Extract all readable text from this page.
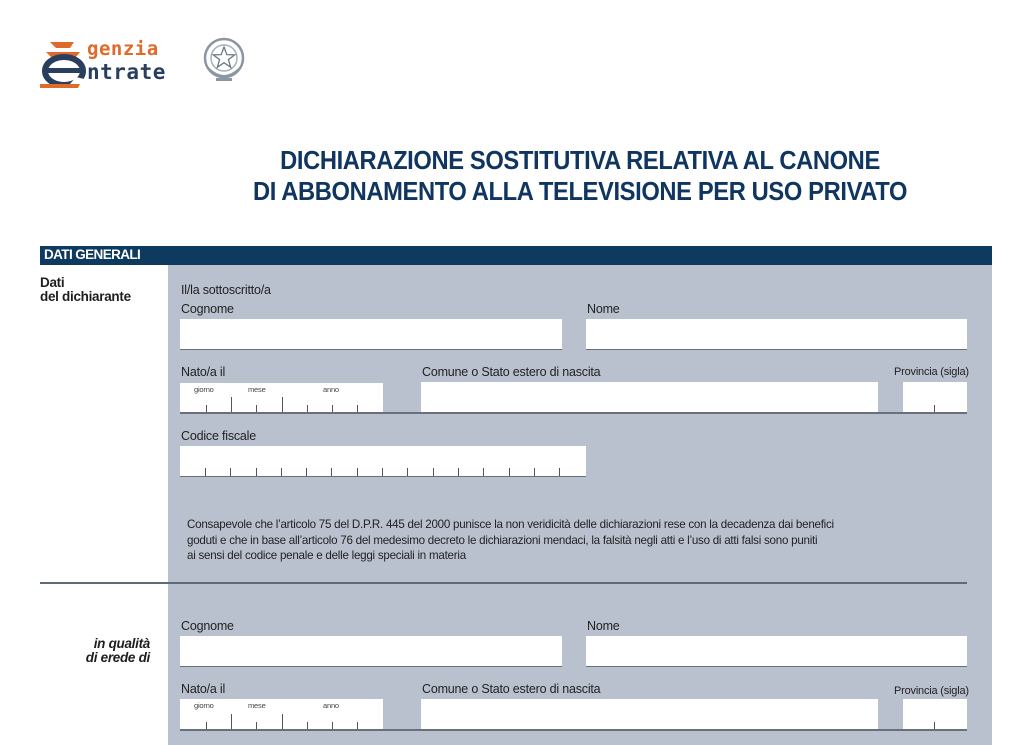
genzia
ntrate
DICHIARAZIONE SOSTITUTIVA RELATIVA AL CANONE
DI ABBONAMENTO ALLA TELEVISIONE PER USO PRIVATO
DATI GENERALI
Dati
del dichiarante	Il/la sottoscritto/a
Cognome	Nome
Nato/a il
giorno	mese	anno
Comune o Stato estero di nascita	Provincia (sigla)
Codice fiscale
Consapevole che l’articolo 75 del D.P.R. 445 del 2000 punisce la non veridicità delle dichiarazioni rese con la decadenza dai benefici
goduti e che in base all’articolo 76 del medesimo decreto le dichiarazioni mendaci, la falsità negli atti e l’uso di atti falsi sono puniti
ai sensi del codice penale e delle leggi speciali in materia
in qualità
di erede di
Cognome	Nome
Nato/a il
giorno	mese	anno
Comune o Stato estero di nascita	Provincia (sigla)
